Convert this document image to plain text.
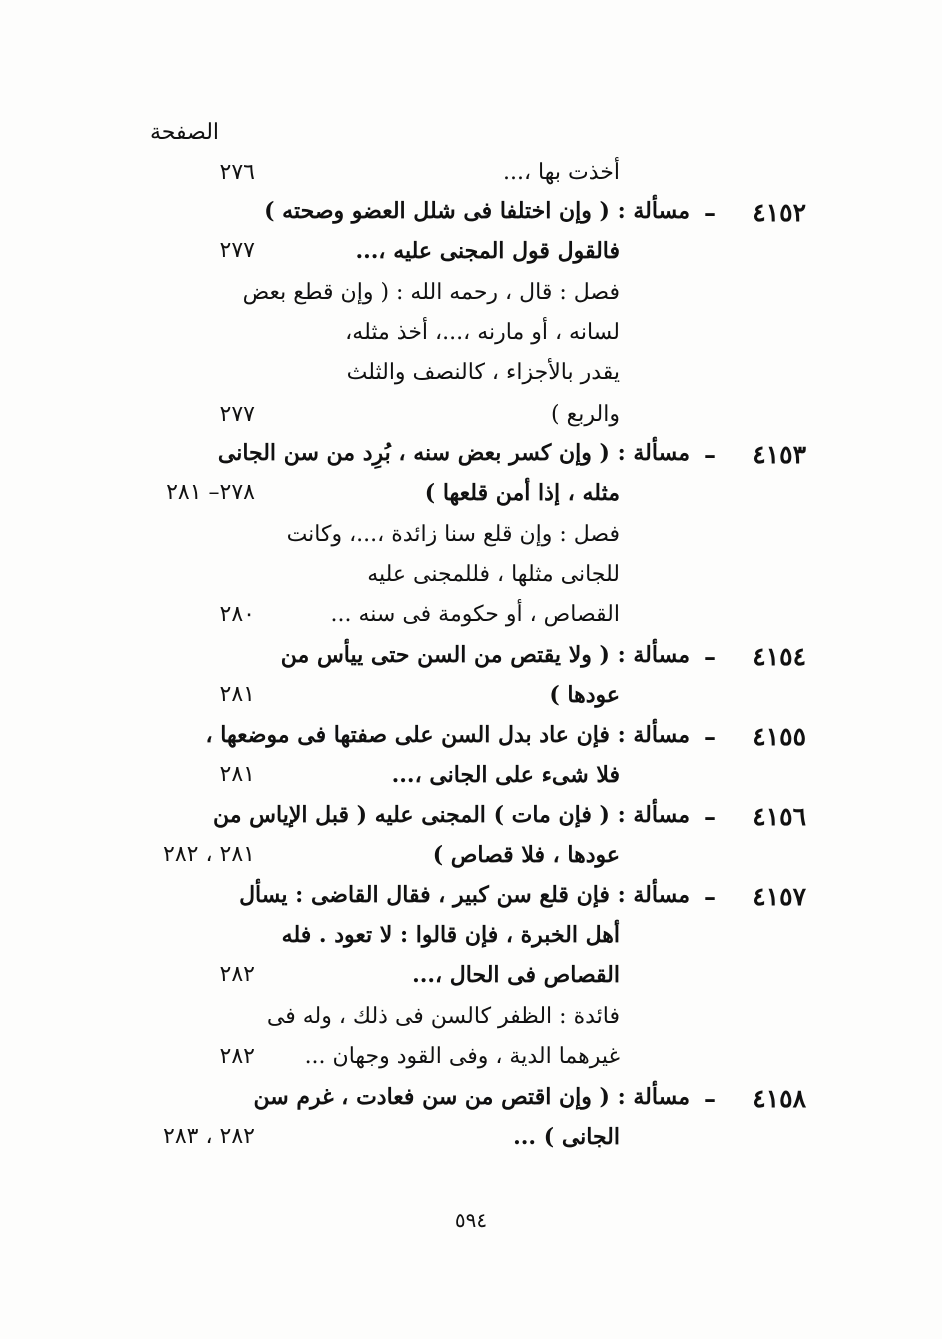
الصفحة
أخذت بها ،...
٢٧٦
٤١٥٢
–
مسألة : ( وإن اختلفا فى شلل العضو وصحته )
فالقول قول المجنى عليه ،...
٢٧٧
فصل : قال ، رحمه الله : ( وإن قطع بعض
لسانه ، أو مارنه ،...، أخذ مثله،
يقدر بالأجزاء ، كالنصف والثلث
والربع )
٢٧٧
٤١٥٣
–
مسألة : ( وإن كسر بعض سنه ، بُرِد من سن الجانى
مثله ، إذا أمن قلعها )
٢٧٨– ٢٨١
فصل : وإن قلع سنا زائدة ،...، وكانت
للجانى مثلها ، فللمجنى عليه
القصاص ، أو حكومة فى سنه ...
٢٨٠
٤١٥٤
–
مسألة : ( ولا يقتص من السن حتى ييأس من
عودها )
٢٨١
٤١٥٥
–
مسألة : فإن عاد بدل السن على صفتها فى موضعها ،
فلا شىء على الجانى ،...
٢٨١
٤١٥٦
–
مسألة : ( فإن مات ) المجنى عليه ( قبل الإياس من
عودها ، فلا قصاص )
٢٨١ ، ٢٨٢
٤١٥٧
–
مسألة : فإن قلع سن كبير ، فقال القاضى : يسأل
أهل الخبرة ، فإن قالوا : لا تعود . فله
القصاص فى الحال ،...
٢٨٢
فائدة : الظفر كالسن فى ذلك ، وله فى
غيرهما الدية ، وفى القود وجهان ...
٢٨٢
٤١٥٨
–
مسألة : ( وإن اقتص من سن فعادت ، غرم سن
الجانى ) ...
٢٨٢ ، ٢٨٣
٥٩٤
